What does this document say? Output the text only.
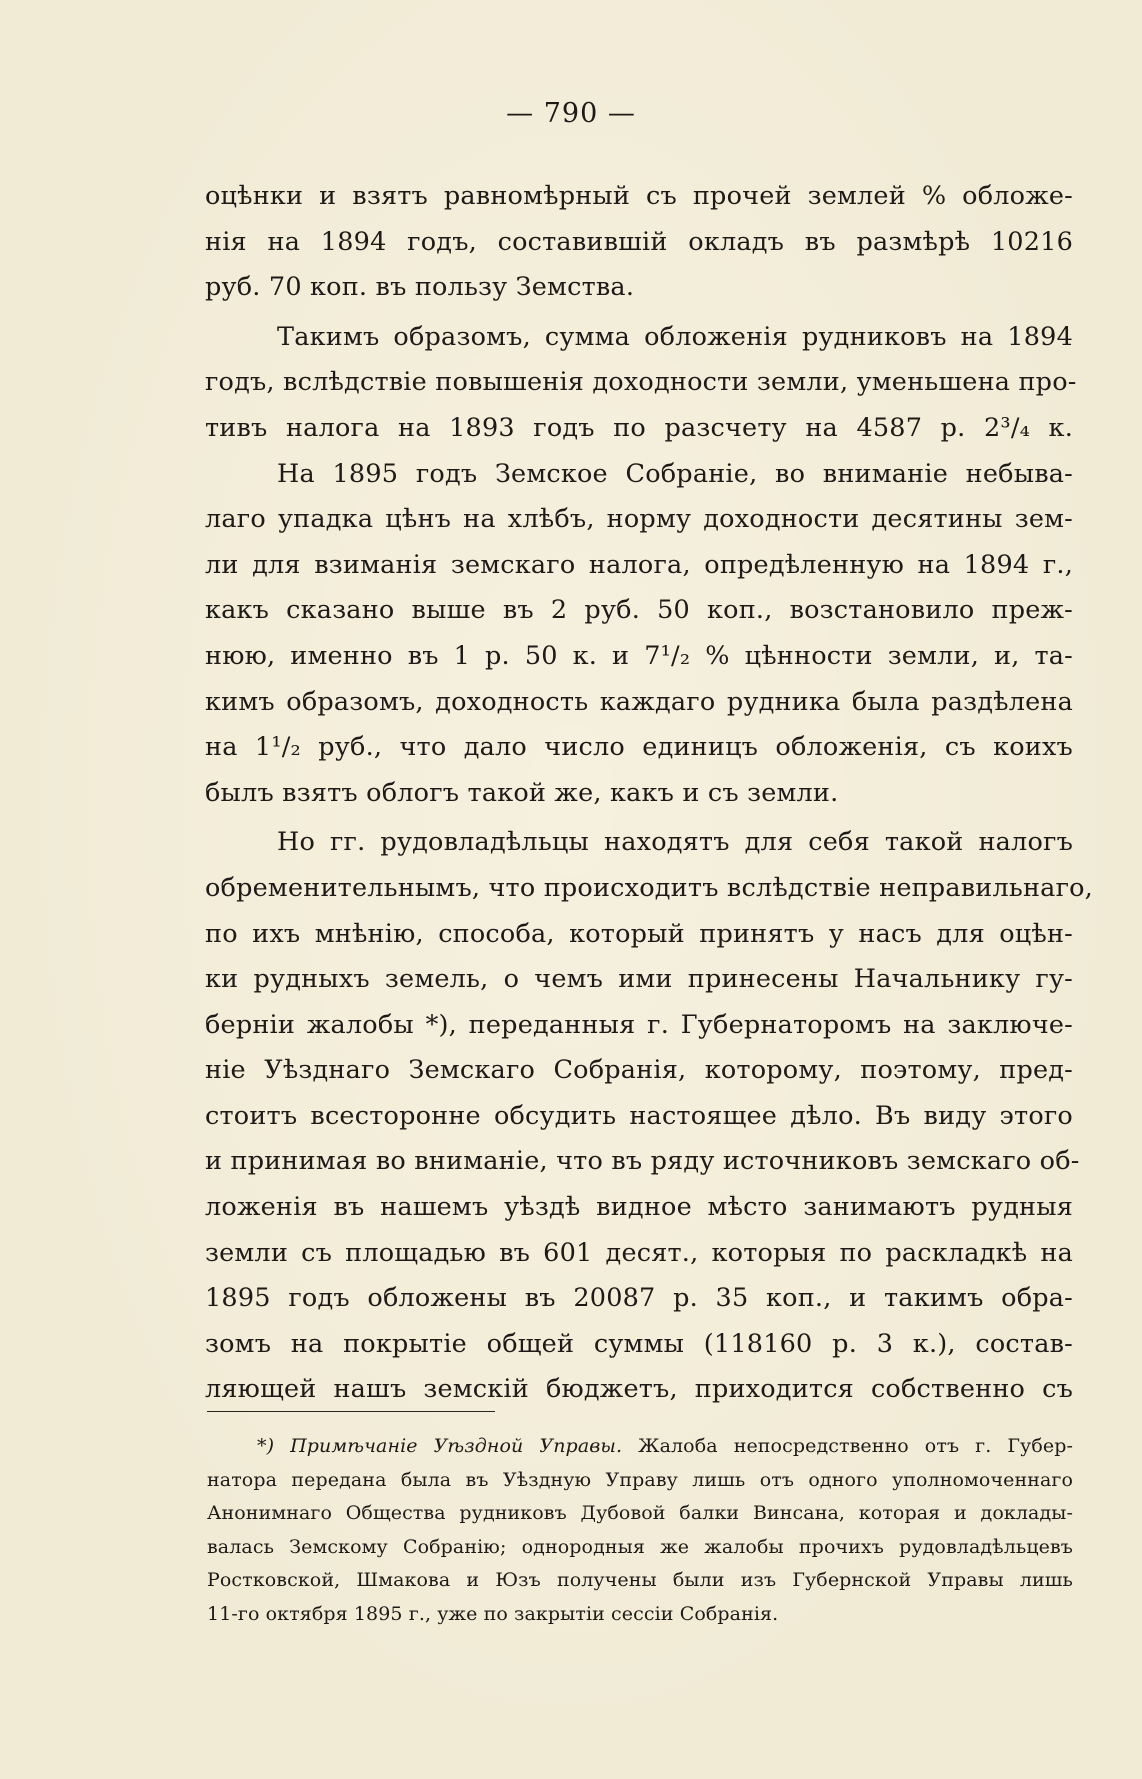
— 790 —
оцѣнки и взятъ равномѣрный съ прочей землей % обложе-
нія на 1894 годъ, составившій окладъ въ размѣрѣ 10216
руб. 70 коп. въ пользу Земства.
Такимъ образомъ, сумма обложенія рудниковъ на 1894
годъ, вслѣдствіе повышенія доходности земли, уменьшена про-
тивъ налога на 1893 годъ по разсчету на 4587 р. 2³/₄ к.
На 1895 годъ Земское Собраніе, во вниманіе небыва-
лаго упадка цѣнъ на хлѣбъ, норму доходности десятины зем-
ли для взиманія земскаго налога, опредѣленную на 1894 г.,
какъ сказано выше въ 2 руб. 50 коп., возстановило преж-
нюю, именно въ 1 р. 50 к. и 7¹/₂ % цѣнности земли, и, та-
кимъ образомъ, доходность каждаго рудника была раздѣлена
на 1¹/₂ руб., что дало число единицъ обложенія, съ коихъ
былъ взятъ облогъ такой же, какъ и съ земли.
Но гг. рудовладѣльцы находятъ для себя такой налогъ
обременительнымъ, что происходитъ вслѣдствіе неправильнаго,
по ихъ мнѣнію, способа, который принятъ у насъ для оцѣн-
ки рудныхъ земель, о чемъ ими принесены Начальнику гу-
берніи жалобы *), переданныя г. Губернаторомъ на заключе-
ніе Уѣзднаго Земскаго Собранія, которому, поэтому, пред-
стоитъ всесторонне обсудить настоящее дѣло. Въ виду этого
и принимая во вниманіе, что въ ряду источниковъ земскаго об-
ложенія въ нашемъ уѣздѣ видное мѣсто занимаютъ рудныя
земли съ площадью въ 601 десят., которыя по раскладкѣ на
1895 годъ обложены въ 20087 р. 35 коп., и такимъ обра-
зомъ на покрытіе общей суммы (118160 р. 3 к.), состав-
ляющей нашъ земскій бюджетъ, приходится собственно съ
*) Примѣчаніе Уѣздной Управы. Жалоба непосредственно отъ г. Губер-
натора передана была въ Уѣздную Управу лишь отъ одного уполномоченнаго
Анонимнаго Общества рудниковъ Дубовой балки Винсана, которая и доклады-
валась Земскому Собранію; однородныя же жалобы прочихъ рудовладѣльцевъ
Ростковской, Шмакова и Юзъ получены были изъ Губернской Управы лишь
11-го октября 1895 г., уже по закрытіи сессіи Собранія.
